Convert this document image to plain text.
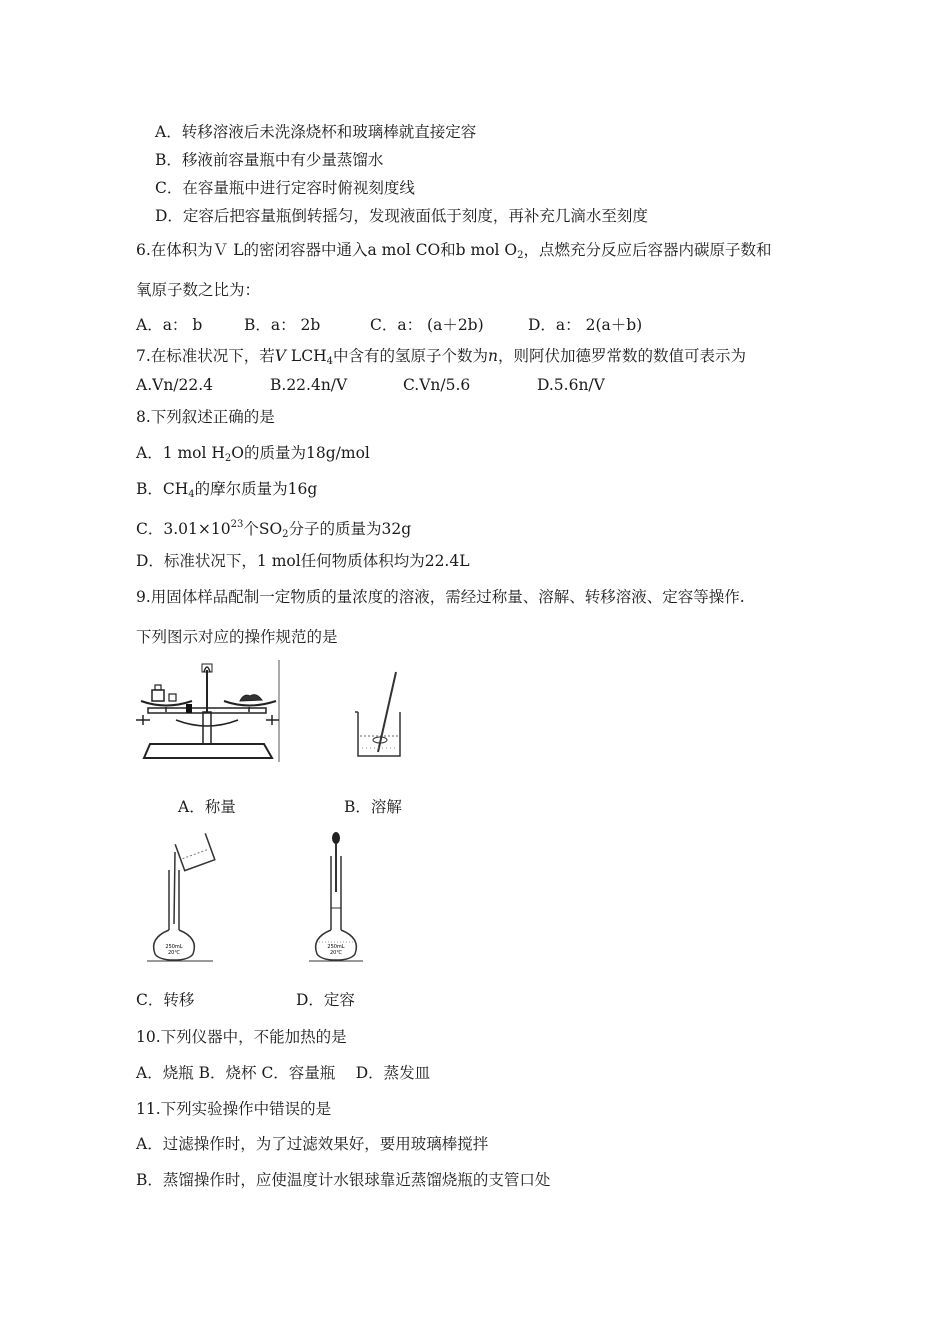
A．转移溶液后未洗涤烧杯和玻璃棒就直接定容
B．移液前容量瓶中有少量蒸馏水
C．在容量瓶中进行定容时俯视刻度线
D．定容后把容量瓶倒转摇匀，发现液面低于刻度，再补充几滴水至刻度
6.在体积为Ｖ L的密闭容器中通入a mol CO和b mol $O_2$，点燃充分反应后容器内碳原子数和
氧原子数之比为：
A．a： b	B．a： 2b	C．a： (a＋2b)	D．a： 2(a＋b)
7.在标准状况下，若V $LCH_4$中含有的氢原子个数为n，则阿伏加德罗常数的数值可表示为
A.Vn/22.4	B.22.4n/V	C.Vn/5.6	D.5.6n/V
8.下列叙述正确的是
A．1 mol $H_2O$的质量为18g/mol
B．$CH_4$的摩尔质量为16g
C．$3.01\times 10^{23}$个$SO_2$分子的质量为32g
D．标准状况下，1 mol任何物质体积均为22.4L
9.用固体样品配制一定物质的量浓度的溶液，需经过称量、溶解、转移溶液、定容等操作.
下列图示对应的操作规范的是
A．称量	B．溶解
250mL
20℃
250mL
20℃
C．转移	D．定容
10.下列仪器中，不能加热的是
A．烧瓶 B．烧杯 C．容量瓶　 D．蒸发皿
11.下列实验操作中错误的是
A．过滤操作时，为了过滤效果好，要用玻璃棒搅拌
B．蒸馏操作时，应使温度计水银球靠近蒸馏烧瓶的支管口处
